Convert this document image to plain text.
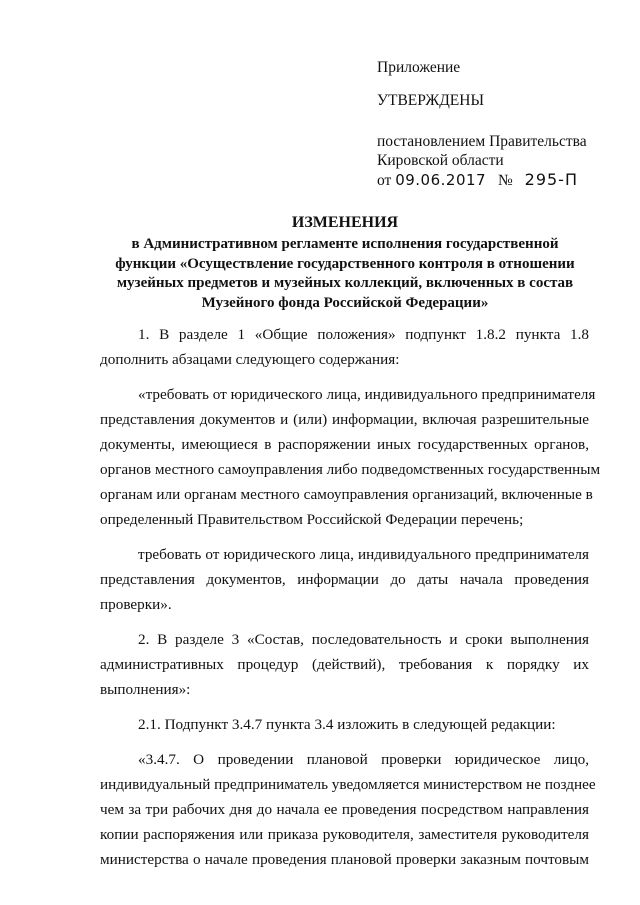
Приложение
УТВЕРЖДЕНЫ
постановлением Правительства
Кировской области
от 09.06.2017 № 295-П
ИЗМЕНЕНИЯ
в Административном регламенте исполнения государственной
функции «Осуществление государственного контроля в отношении
музейных предметов и музейных коллекций, включенных в состав
Музейного фонда Российской Федерации»
1. В разделе 1 «Общие положения» подпункт 1.8.2 пункта 1.8
дополнить абзацами следующего содержания:
«требовать от юридического лица, индивидуального предпринимателя
представления документов и (или) информации, включая разрешительные
документы, имеющиеся в распоряжении иных государственных органов,
органов местного самоуправления либо подведомственных государственным
органам или органам местного самоуправления организаций, включенные в
определенный Правительством Российской Федерации перечень;
требовать от юридического лица, индивидуального предпринимателя
представления документов, информации до даты начала проведения
проверки».
2. В разделе 3 «Состав, последовательность и сроки выполнения
административных процедур (действий), требования к порядку их
выполнения»:
2.1. Подпункт 3.4.7 пункта 3.4 изложить в следующей редакции:
«3.4.7. О проведении плановой проверки юридическое лицо,
индивидуальный предприниматель уведомляется министерством не позднее
чем за три рабочих дня до начала ее проведения посредством направления
копии распоряжения или приказа руководителя, заместителя руководителя
министерства о начале проведения плановой проверки заказным почтовым
